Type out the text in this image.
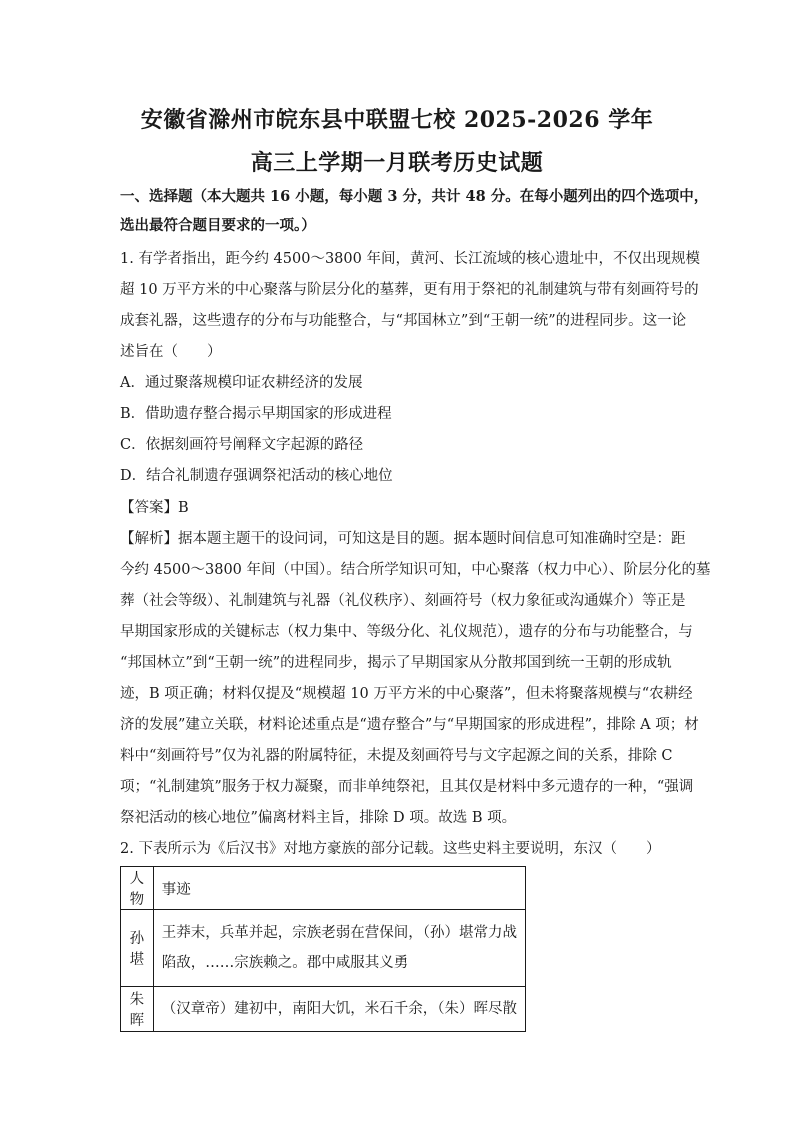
安徽省滁州市皖东县中联盟七校 2025-2026 学年
高三上学期一月联考历史试题
一、选择题（本大题共 16 小题，每小题 3 分，共计 48 分。在每小题列出的四个选项中，
选出最符合题目要求的一项。）
1. 有学者指出，距今约 4500～3800 年间，黄河、长江流域的核心遗址中，不仅出现规模
超 10 万平方米的中心聚落与阶层分化的墓葬，更有用于祭祀的礼制建筑与带有刻画符号的
成套礼器，这些遗存的分布与功能整合，与“邦国林立”到“王朝一统”的进程同步。这一论
述旨在（　　）
A．通过聚落规模印证农耕经济的发展
B．借助遗存整合揭示早期国家的形成进程
C．依据刻画符号阐释文字起源的路径
D．结合礼制遗存强调祭祀活动的核心地位
【答案】B
【解析】据本题主题干的设问词，可知这是目的题。据本题时间信息可知准确时空是：距
今约 4500～3800 年间（中国）。结合所学知识可知，中心聚落（权力中心）、阶层分化的墓
葬（社会等级）、礼制建筑与礼器（礼仪秩序）、刻画符号（权力象征或沟通媒介）等正是
早期国家形成的关键标志（权力集中、等级分化、礼仪规范），遗存的分布与功能整合，与
“邦国林立”到“王朝一统”的进程同步，揭示了早期国家从分散邦国到统一王朝的形成轨
迹，B 项正确；材料仅提及“规模超 10 万平方米的中心聚落”，但未将聚落规模与“农耕经
济的发展”建立关联，材料论述重点是“遗存整合”与“早期国家的形成进程”，排除 A 项；材
料中“刻画符号”仅为礼器的附属特征，未提及刻画符号与文字起源之间的关系，排除 C
项；“礼制建筑”服务于权力凝聚，而非单纯祭祀，且其仅是材料中多元遗存的一种，“强调
祭祀活动的核心地位”偏离材料主旨，排除 D 项。故选 B 项。
2. 下表所示为《后汉书》对地方豪族的部分记载。这些史料主要说明，东汉（　　）
人物	事迹
孙堪	王莽末，兵革并起，宗族老弱在营保间，（孙）堪常力战
陷敌，……宗族赖之。郡中咸服其义勇

朱晖	（汉章帝）建初中，南阳大饥，米石千余，（朱）晖尽散
